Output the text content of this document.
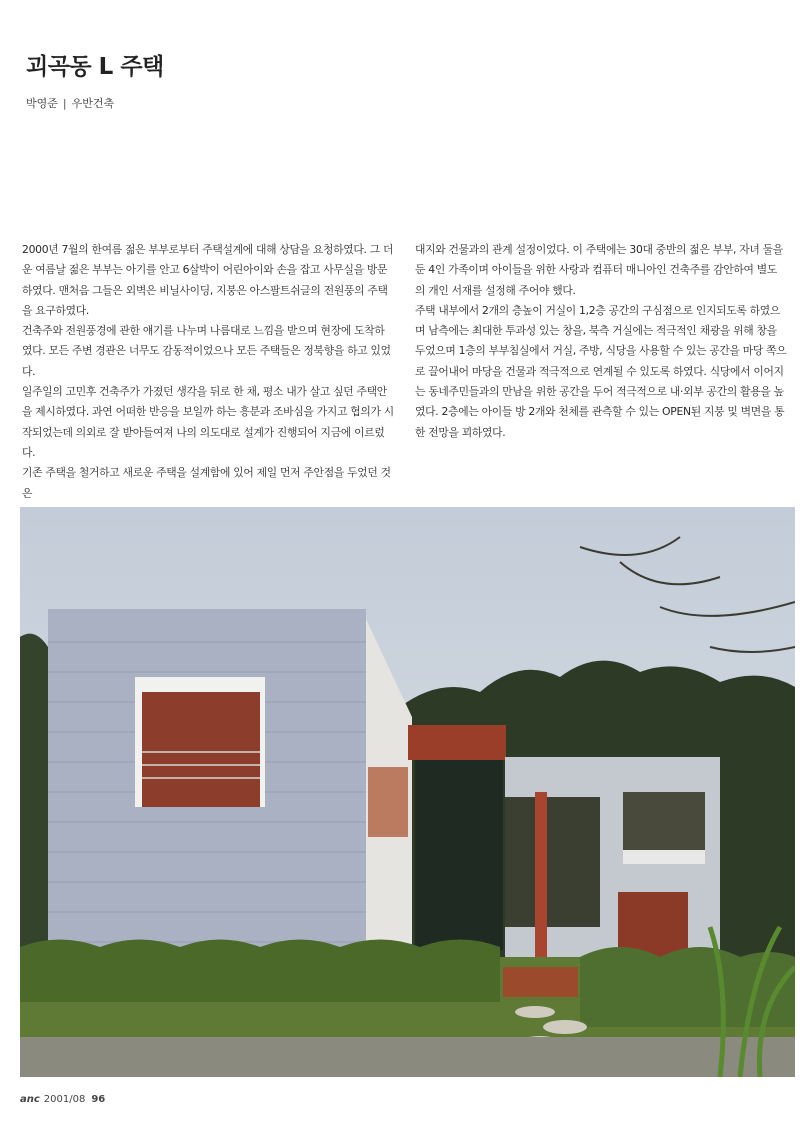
괴곡동 L 주택
박영준 | 우반건축

2000년 7월의 한여름 젊은 부부로부터 주택설계에 대해 상담을 요청하였다. 그 더운 여름날 젊은 부부는 아기를 안고 6살박이 어린아이와 손을 잡고 사무실을 방문하였다. 맨처음 그들은 외벽은 비닐사이딩, 지붕은 아스팔트쉬글의 전원풍의 주택을 요구하였다.

건축주와 전원풍경에 관한 얘기를 나누며 나름대로 느낌을 받으며 현장에 도착하였다. 모든 주변 경관은 너무도 감동적이었으나 모든 주택들은 정북향을 하고 있었다.

일주일의 고민후 건축주가 가졌던 생각을 뒤로 한 채, 평소 내가 살고 싶던 주택안을 제시하였다. 과연 어떠한 반응을 보일까 하는 흥분과 조바심을 가지고 협의가 시작되었는데 의외로 잘 받아들여져 나의 의도대로 설계가 진행되어 지금에 이르렀다.

기존 주택을 철거하고 새로운 주택을 설계함에 있어 제일 먼저 주안점을 두었던 것은

대지와 건물과의 관계 설정이었다. 이 주택에는 30대 중반의 젊은 부부, 자녀 둘을 둔 4인 가족이며 아이들을 위한 사랑과 컴퓨터 매니아인 건축주를 감안하여 별도의 개인 서재를 설정해 주어야 했다.

주택 내부에서 2개의 층높이 거실이 1,2층 공간의 구심점으로 인지되도록 하였으며 남측에는 최대한 투과성 있는 창을, 북측 거실에는 적극적인 채광을 위해 창을 두었으며 1층의 부부침실에서 거실, 주방, 식당을 사용할 수 있는 공간을 마당 쪽으로 끌어내어 마당을 건물과 적극적으로 연계될 수 있도록 하였다. 식당에서 이어지는 동네주민들과의 만남을 위한 공간을 두어 적극적으로 내·외부 공간의 활용을 높였다. 2층에는 아이들 방 2개와 천체를 관측할 수 있는 OPEN된 지붕 및 벽면을 통한 전망을 꾀하였다.

anc 2001/08 96
